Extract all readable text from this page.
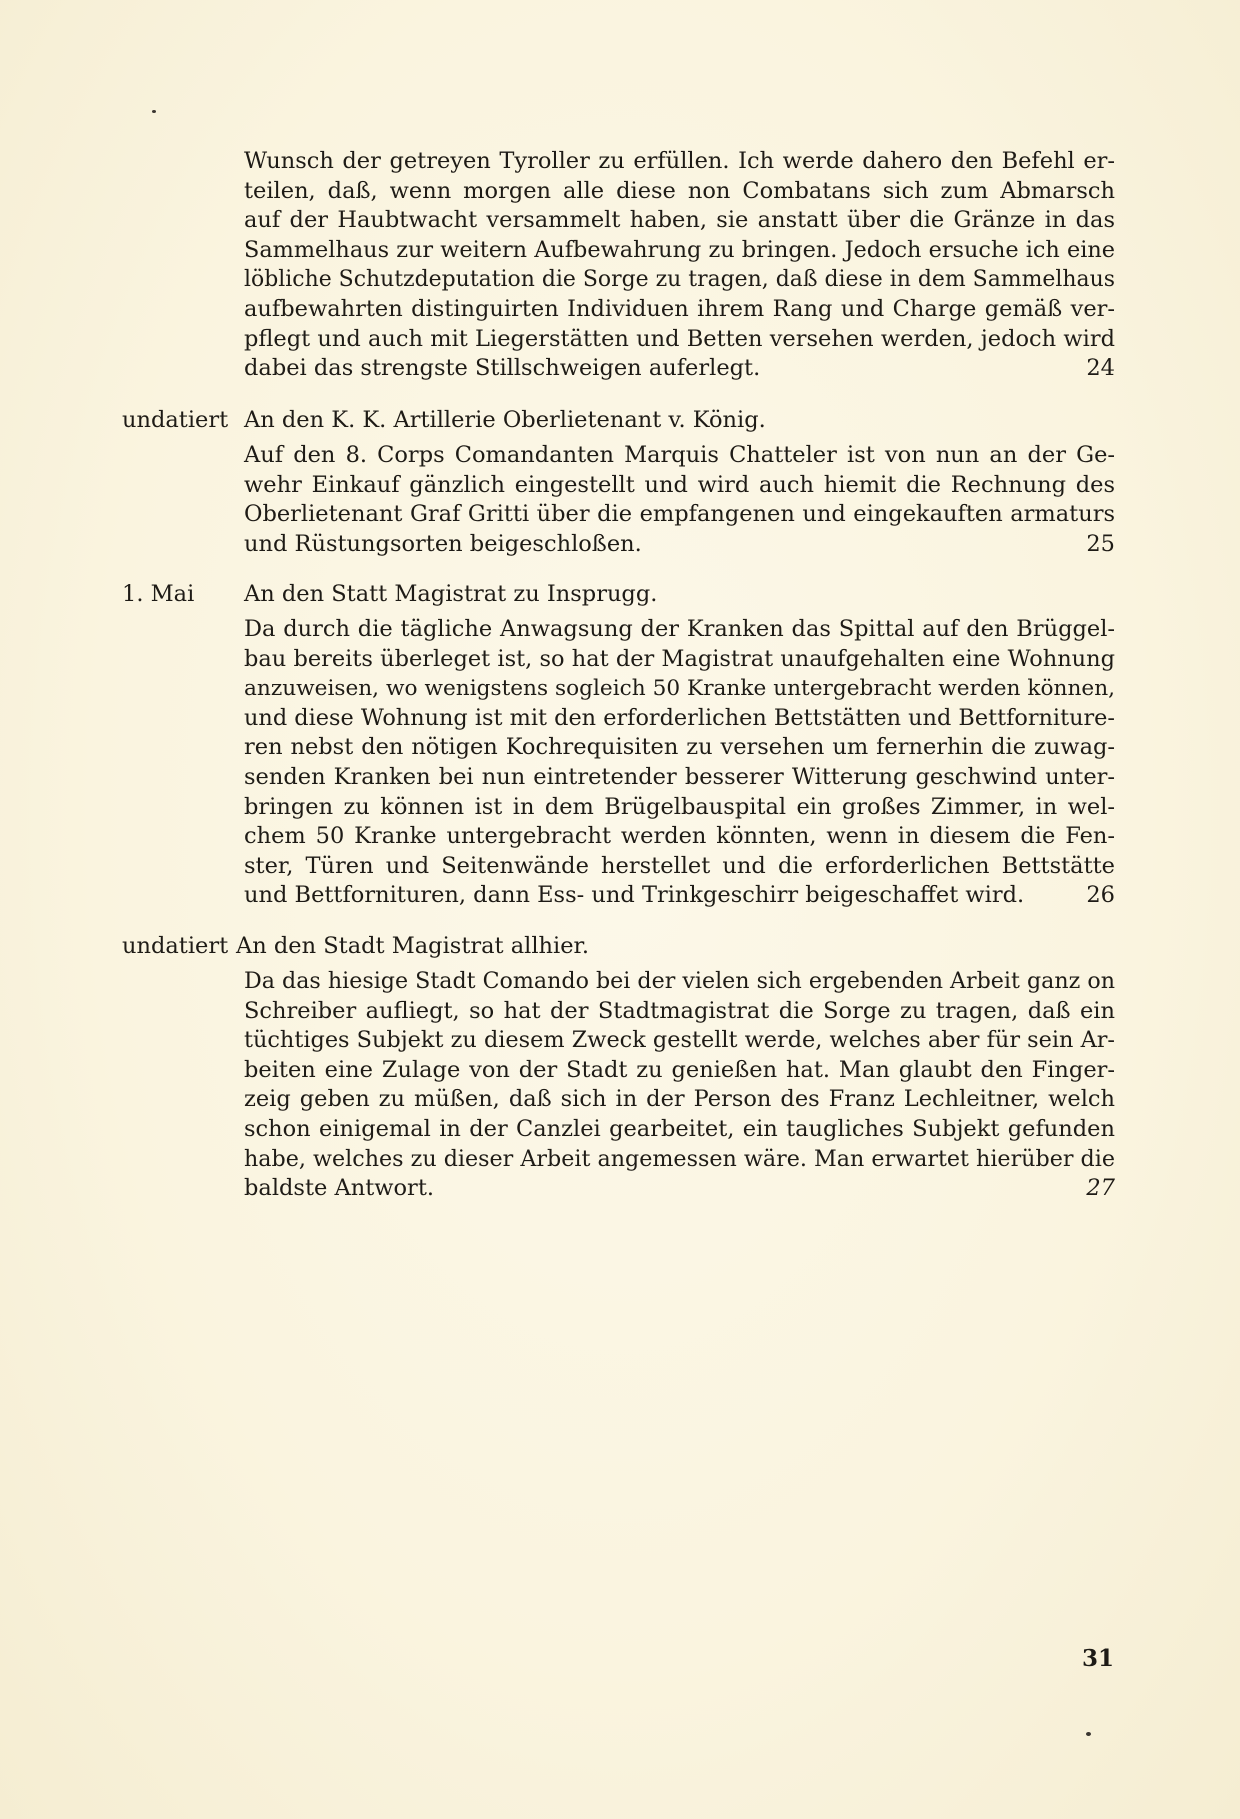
Wunsch der getreyen Tyroller zu erfüllen. Ich werde dahero den Befehl er-
teilen, daß, wenn morgen alle diese non Combatans sich zum Abmarsch
auf der Haubtwacht versammelt haben, sie anstatt über die Gränze in das
Sammelhaus zur weitern Aufbewahrung zu bringen. Jedoch ersuche ich eine
löbliche Schutzdeputation die Sorge zu tragen, daß diese in dem Sammelhaus
aufbewahrten distinguirten Individuen ihrem Rang und Charge gemäß ver-
pflegt und auch mit Liegerstätten und Betten versehen werden, jedoch wird
dabei das strengste Stillschweigen auferlegt.	24

undatiert An den K. K. Artillerie Oberlietenant v. König.

Auf den 8. Corps Comandanten Marquis Chatteler ist von nun an der Ge-
wehr Einkauf gänzlich eingestellt und wird auch hiemit die Rechnung des
Oberlietenant Graf Gritti über die empfangenen und eingekauften armaturs
und Rüstungsorten beigeschloßen.	25

1. Mai An den Statt Magistrat zu Insprugg.

Da durch die tägliche Anwagsung der Kranken das Spittal auf den Brüggel-
bau bereits überleget ist, so hat der Magistrat unaufgehalten eine Wohnung
anzuweisen, wo wenigstens sogleich 50 Kranke untergebracht werden können,
und diese Wohnung ist mit den erforderlichen Bettstätten und Bettforniture-
ren nebst den nötigen Kochrequisiten zu versehen um fernerhin die zuwag-
senden Kranken bei nun eintretender besserer Witterung geschwind unter-
bringen zu können ist in dem Brügelbauspital ein großes Zimmer, in wel-
chem 50 Kranke untergebracht werden könnten, wenn in diesem die Fen-
ster, Türen und Seitenwände herstellet und die erforderlichen Bettstätte
und Bettfornituren, dann Ess- und Trinkgeschirr beigeschaffet wird.	26

undatiert An den Stadt Magistrat allhier.

Da das hiesige Stadt Comando bei der vielen sich ergebenden Arbeit ganz on
Schreiber aufliegt, so hat der Stadtmagistrat die Sorge zu tragen, daß ein
tüchtiges Subjekt zu diesem Zweck gestellt werde, welches aber für sein Ar-
beiten eine Zulage von der Stadt zu genießen hat. Man glaubt den Finger-
zeig geben zu müßen, daß sich in der Person des Franz Lechleitner, welch
schon einigemal in der Canzlei gearbeitet, ein taugliches Subjekt gefunden
habe, welches zu dieser Arbeit angemessen wäre. Man erwartet hierüber die
baldste Antwort.	27

31
